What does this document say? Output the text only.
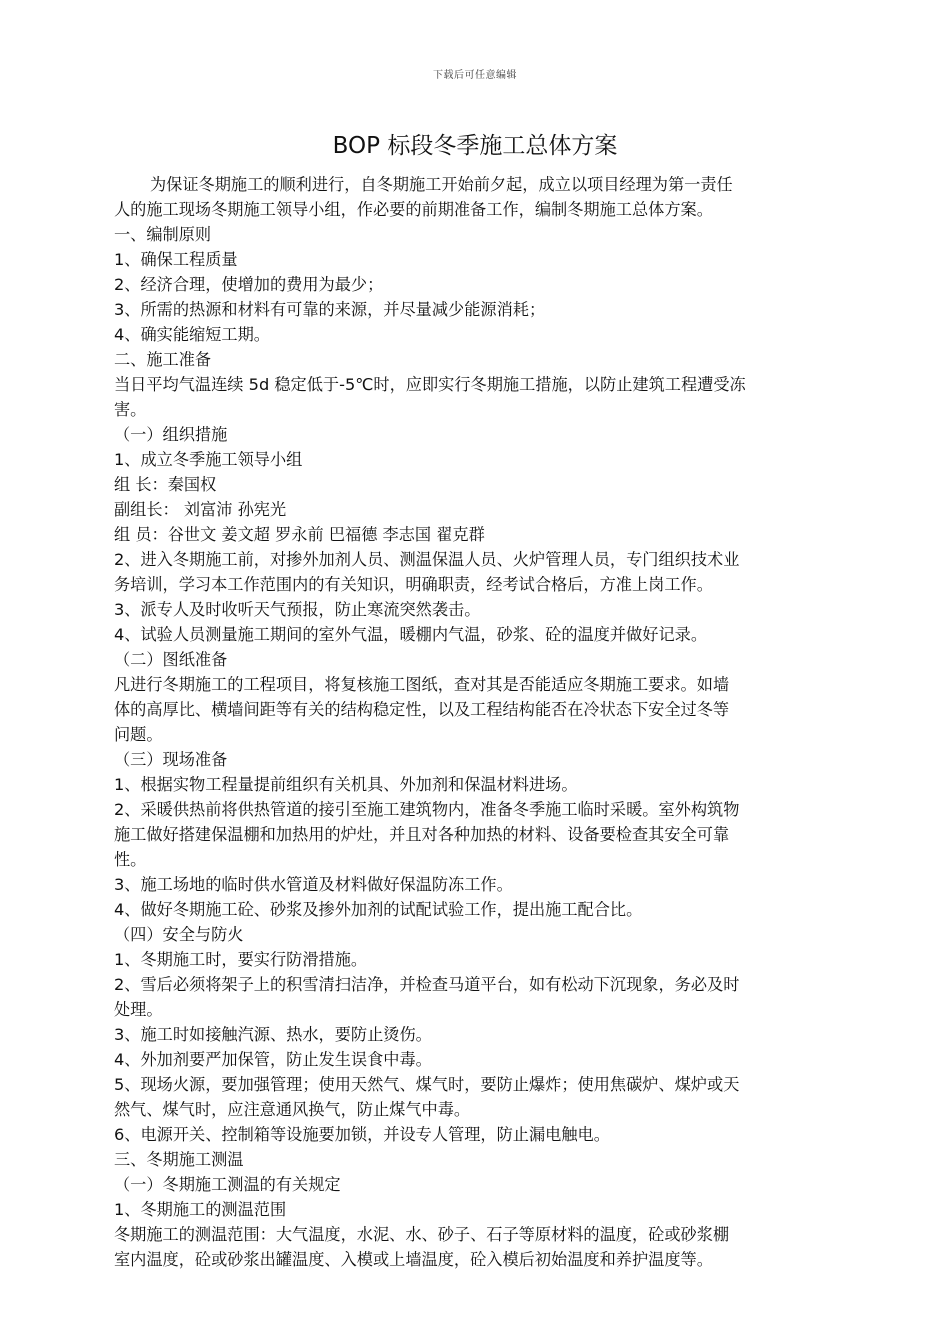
下载后可任意编辑
BOP 标段冬季施工总体方案
为保证冬期施工的顺利进行，自冬期施工开始前夕起，成立以项目经理为第一责任
人的施工现场冬期施工领导小组，作必要的前期准备工作，编制冬期施工总体方案。
一、编制原则
1、确保工程质量
2、经济合理，使增加的费用为最少；
3、所需的热源和材料有可靠的来源，并尽量减少能源消耗；
4、确实能缩短工期。
二、施工准备
当日平均气温连续 5d 稳定低于-5℃时，应即实行冬期施工措施，以防止建筑工程遭受冻
害。
（一）组织措施
1、成立冬季施工领导小组
组 长：秦国权
副组长： 刘富沛 孙宪光
组 员：谷世文 姜文超 罗永前 巴福德 李志国 翟克群
2、进入冬期施工前，对掺外加剂人员、测温保温人员、火炉管理人员，专门组织技术业
务培训，学习本工作范围内的有关知识，明确职责，经考试合格后，方准上岗工作。
3、派专人及时收听天气预报，防止寒流突然袭击。
4、试验人员测量施工期间的室外气温，暖棚内气温，砂浆、砼的温度并做好记录。
（二）图纸准备
凡进行冬期施工的工程项目，将复核施工图纸，查对其是否能适应冬期施工要求。如墙
体的高厚比、横墙间距等有关的结构稳定性，以及工程结构能否在冷状态下安全过冬等
问题。
（三）现场准备
1、根据实物工程量提前组织有关机具、外加剂和保温材料进场。
2、采暖供热前将供热管道的接引至施工建筑物内，准备冬季施工临时采暖。室外构筑物
施工做好搭建保温棚和加热用的炉灶，并且对各种加热的材料、设备要检查其安全可靠
性。
3、施工场地的临时供水管道及材料做好保温防冻工作。
4、做好冬期施工砼、砂浆及掺外加剂的试配试验工作，提出施工配合比。
（四）安全与防火
1、冬期施工时，要实行防滑措施。
2、雪后必须将架子上的积雪清扫洁净，并检查马道平台，如有松动下沉现象，务必及时
处理。
3、施工时如接触汽源、热水，要防止烫伤。
4、外加剂要严加保管，防止发生误食中毒。
5、现场火源，要加强管理；使用天然气、煤气时，要防止爆炸；使用焦碳炉、煤炉或天
然气、煤气时，应注意通风换气，防止煤气中毒。
6、电源开关、控制箱等设施要加锁，并设专人管理，防止漏电触电。
三、冬期施工测温
（一）冬期施工测温的有关规定
1、冬期施工的测温范围
冬期施工的测温范围：大气温度，水泥、水、砂子、石子等原材料的温度，砼或砂浆棚
室内温度，砼或砂浆出罐温度、入模或上墙温度，砼入模后初始温度和养护温度等。
